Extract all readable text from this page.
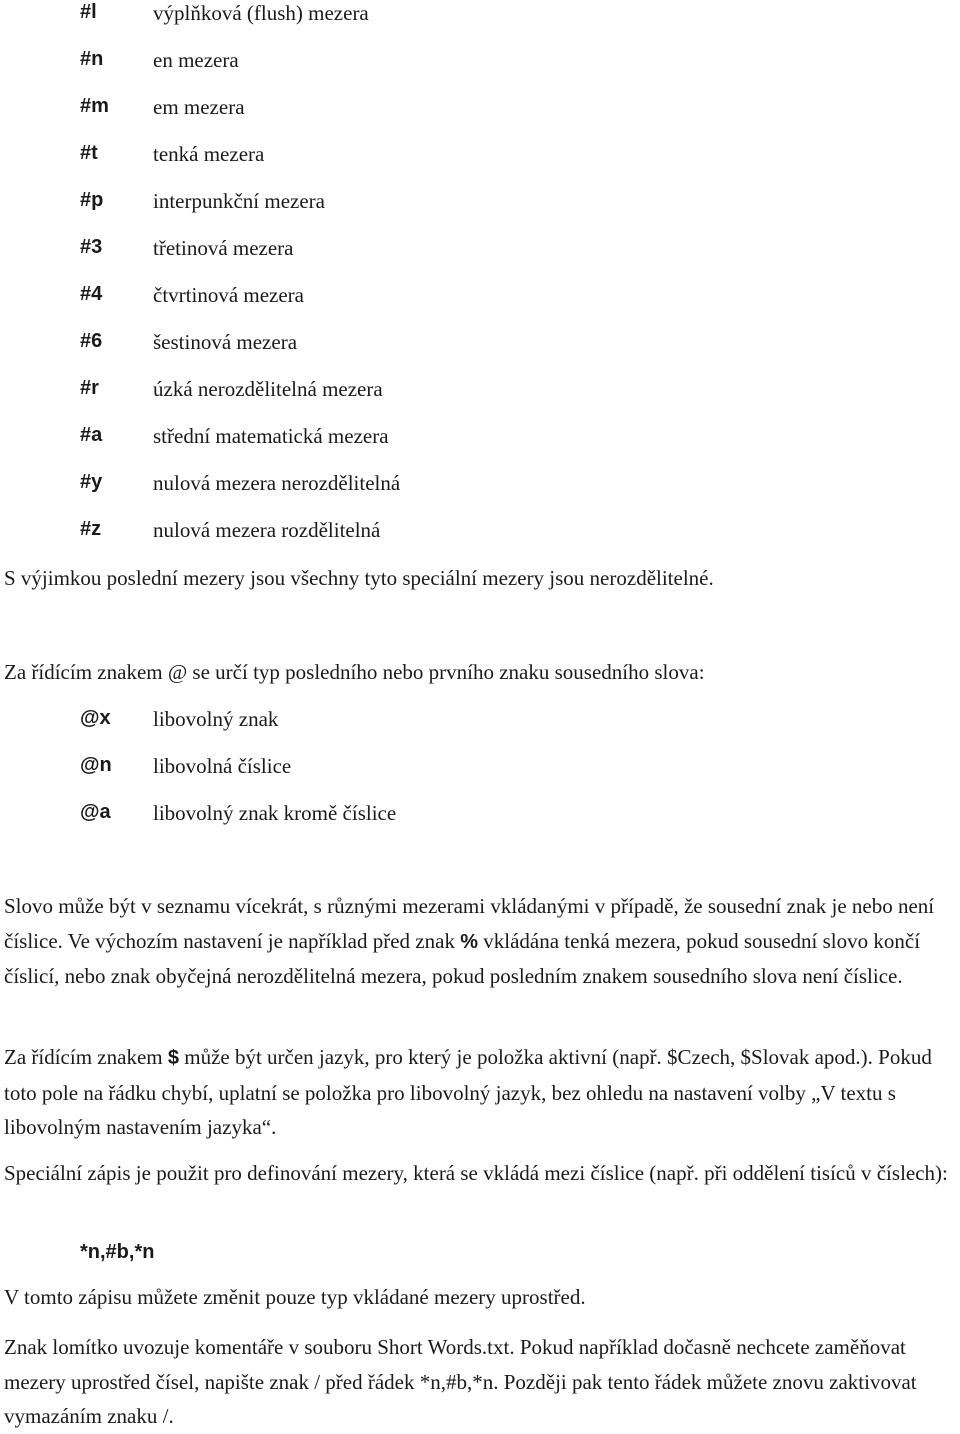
#l	výplňková (flush) mezera
#n en mezera
#m em mezera
#t	tenká mezera
#p interpunkční mezera
#3 třetinová mezera
#4 čtvrtinová mezera
#6 šestinová mezera
#r	úzká nerozdělitelná mezera
#a střední matematická mezera
#y nulová mezera nerozdělitelná
#z nulová mezera rozdělitelná
S výjimkou poslední mezery jsou všechny tyto speciální mezery jsou nerozdělitelné.
Za řídícím znakem @ se určí typ posledního nebo prvního znaku sousedního slova:
@x libovolný znak
@n libovolná číslice
@a libovolný znak kromě číslice

Slovo může být v seznamu vícekrát, s různými mezerami vkládanými v případě, že sousední znak je nebo není číslice. Ve výchozím nastavení je například před znak % vkládána tenká mezera, pokud sousední slovo končí číslicí, nebo znak obyčejná nerozdělitelná mezera, pokud posledním znakem sousedního slova není číslice.

Za řídícím znakem $ může být určen jazyk, pro který je položka aktivní (např. $Czech, $Slovak apod.). Pokud toto pole na řádku chybí, uplatní se položka pro libovolný jazyk, bez ohledu na nastavení volby „V textu s libovolným nastavením jazyka“.

Speciální zápis je použit pro definování mezery, která se vkládá mezi číslice (např. při oddělení tisíců v číslech):

*n,#b,*n
V tomto zápisu můžete změnit pouze typ vkládané mezery uprostřed.

Znak lomítko uvozuje komentáře v souboru Short Words.txt. Pokud například dočasně nechcete zaměňovat mezery uprostřed čísel, napište znak / před řádek *n,#b,*n. Později pak tento řádek můžete znovu zaktivovat vymazáním znaku /.
